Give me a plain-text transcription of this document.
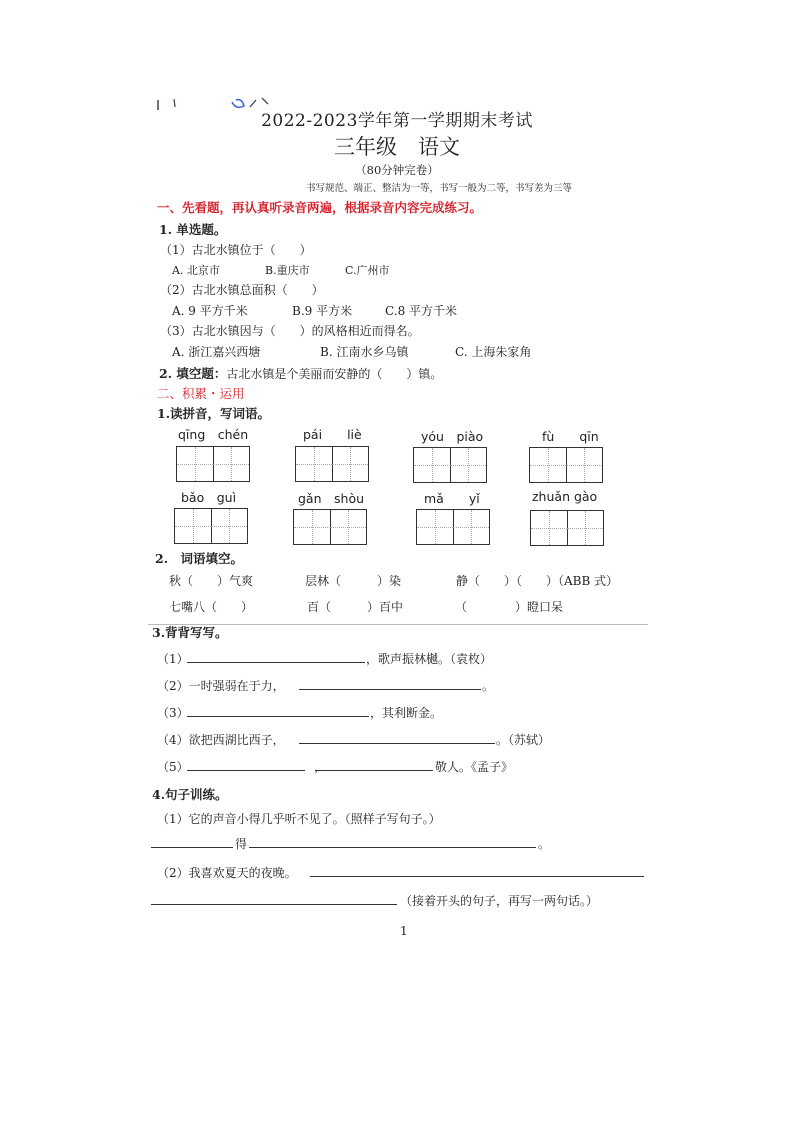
2022-2023学年第一学期期末考试
三年级　语文
（80分钟完卷）
书写规范、端正、整洁为一等，书写一般为二等，书写差为三等
一、先看题，再认真听录音两遍，根据录音内容完成练习。
1. 单选题。
（1）古北水镇位于（　　）
A. 北京市	B.重庆市	C.广州市
（2）古北水镇总面积（　　）
A. 9 平方千米	B.9 平方米	C.8 平方千米
（3）古北水镇因与（　　）的风格相近而得名。
A. 浙江嘉兴西塘	B. 江南水乡乌镇	C. 上海朱家角
2. 填空题：古北水镇是个美丽而安静的（　　）镇。
二、积累・运用
1.读拼音，写词语。
qīng　chén	pái　　liè	yóu　piào	fù　　qīn
bǎo　guì	gǎn　shòu	mǎ　　yǐ	zhuǎn gào
2.　词语填空。
秋（　　）气爽	层林（　　　）染	静（　　）（　　）（ABB 式）
七嘴八（　　）	百（　　　）百中	（　　　　）瞪口呆
3.背背写写。
（1）	，歌声振林樾。（袁枚）
（2）一时强弱在于力，	。
（3）	，其利断金。
（4）欲把西湖比西子，	。（苏轼）
（5）	，	敬人。《孟子》
4.句子训练。
（1）它的声音小得几乎听不见了。（照样子写句子。）
得	。
（2）我喜欢夏天的夜晚。
（接着开头的句子，再写一两句话。）
1
